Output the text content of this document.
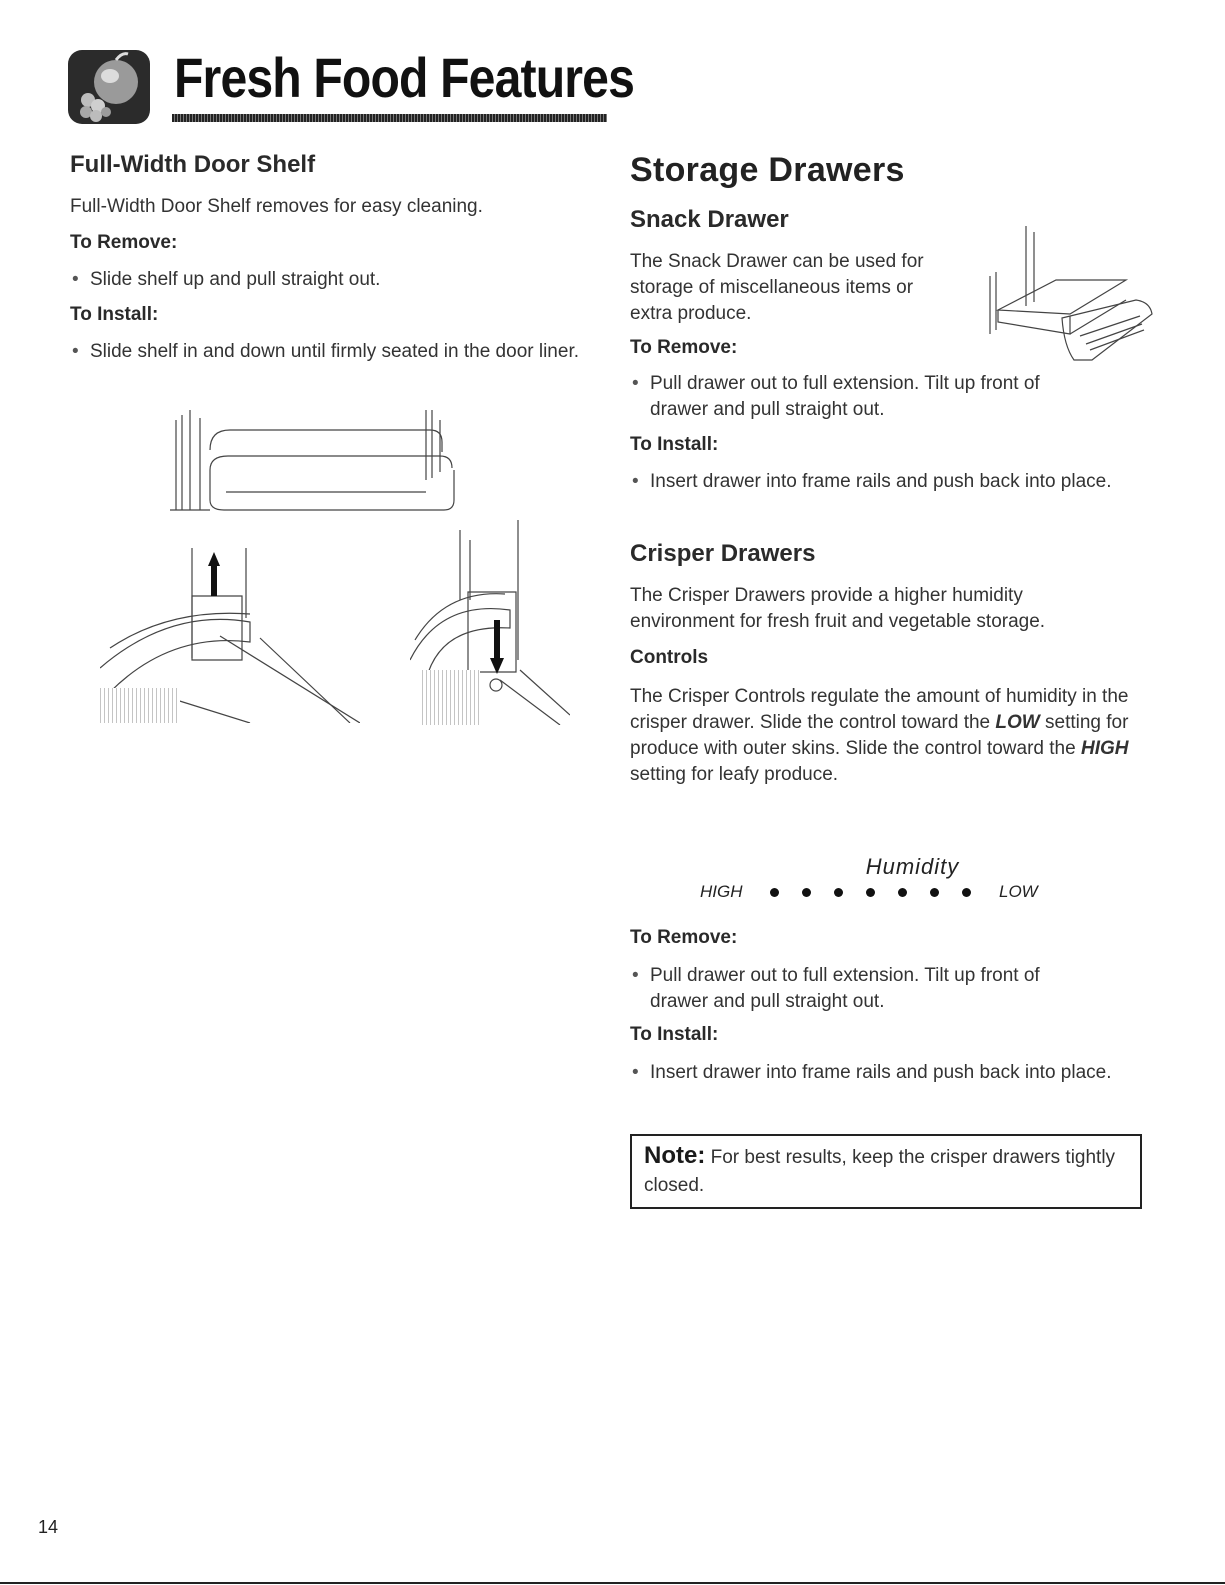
Fresh Food Features
Full-Width Door Shelf

Full-Width Door Shelf removes for easy cleaning.

To Remove:
• Slide shelf up and pull straight out.
To Install:
• Slide shelf in and down until firmly seated in the door liner.
Storage Drawers
Snack Drawer

The Snack Drawer can be used for storage of miscellaneous items or extra produce.

To Remove:
• Pull drawer out to full extension. Tilt up front of drawer and pull straight out.
To Install:
• Insert drawer into frame rails and push back into place.
Crisper Drawers

The Crisper Drawers provide a higher humidity environment for fresh fruit and vegetable storage.

Controls

The Crisper Controls regulate the amount of humidity in the crisper drawer. Slide the control toward the LOW setting for produce with outer skins. Slide the control toward the HIGH setting for leafy produce.

Humidity
HIGH	LOW
To Remove:
• Pull drawer out to full extension. Tilt up front of drawer and pull straight out.
To Install:
• Insert drawer into frame rails and push back into place.
Note: For best results, keep the crisper drawers tightly closed.
14
